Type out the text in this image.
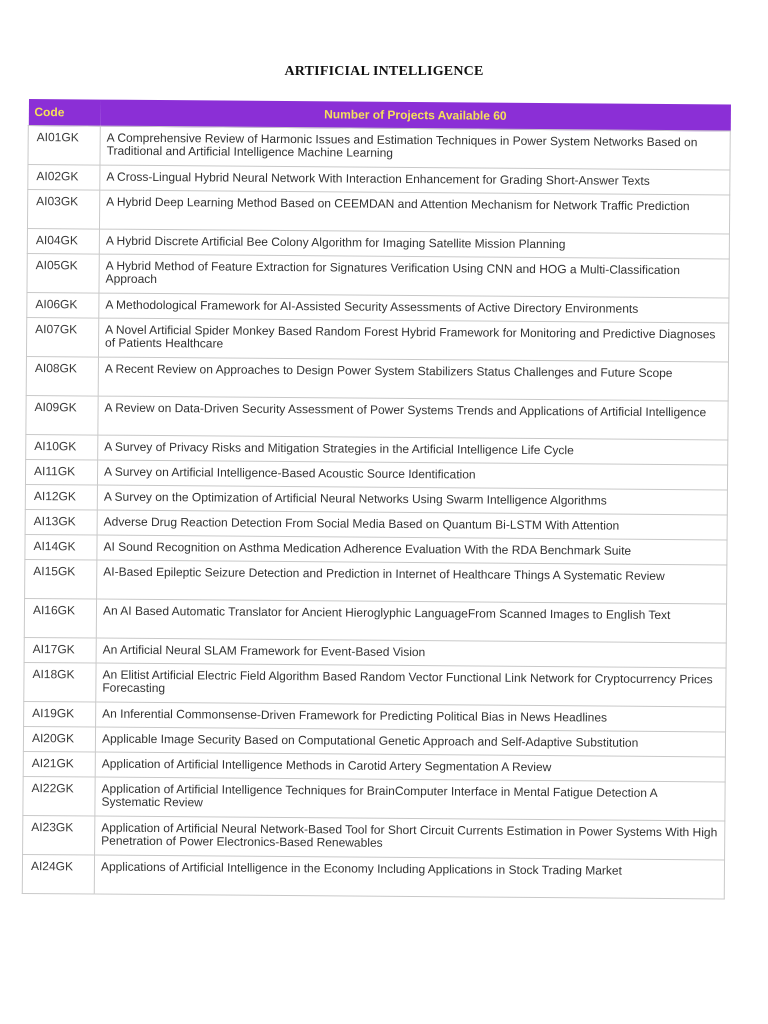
ARTIFICIAL INTELLIGENCE
Code	Number of Projects Available 60
AI01GK	A Comprehensive Review of Harmonic Issues and Estimation Techniques in Power System Networks Based on Traditional and Artificial Intelligence Machine Learning
AI02GK	A Cross-Lingual Hybrid Neural Network With Interaction Enhancement for Grading Short-Answer Texts
AI03GK	A Hybrid Deep Learning Method Based on CEEMDAN and Attention Mechanism for Network Traffic Prediction
AI04GK	A Hybrid Discrete Artificial Bee Colony Algorithm for Imaging Satellite Mission Planning
AI05GK	A Hybrid Method of Feature Extraction for Signatures Verification Using CNN and HOG a Multi-Classification Approach
AI06GK	A Methodological Framework for AI-Assisted Security Assessments of Active Directory Environments
AI07GK	A Novel Artificial Spider Monkey Based Random Forest Hybrid Framework for Monitoring and Predictive Diagnoses of Patients Healthcare
AI08GK	A Recent Review on Approaches to Design Power System Stabilizers Status Challenges and Future Scope
AI09GK	A Review on Data-Driven Security Assessment of Power Systems Trends and Applications of Artificial Intelligence
AI10GK	A Survey of Privacy Risks and Mitigation Strategies in the Artificial Intelligence Life Cycle
AI11GK	A Survey on Artificial Intelligence-Based Acoustic Source Identification
AI12GK	A Survey on the Optimization of Artificial Neural Networks Using Swarm Intelligence Algorithms
AI13GK	Adverse Drug Reaction Detection From Social Media Based on Quantum Bi-LSTM With Attention
AI14GK	AI Sound Recognition on Asthma Medication Adherence Evaluation With the RDA Benchmark Suite
AI15GK	AI-Based Epileptic Seizure Detection and Prediction in Internet of Healthcare Things A Systematic Review
AI16GK	An AI Based Automatic Translator for Ancient Hieroglyphic LanguageFrom Scanned Images to English Text
AI17GK	An Artificial Neural SLAM Framework for Event-Based Vision
AI18GK	An Elitist Artificial Electric Field Algorithm Based Random Vector Functional Link Network for Cryptocurrency Prices Forecasting
AI19GK	An Inferential Commonsense-Driven Framework for Predicting Political Bias in News Headlines
AI20GK	Applicable Image Security Based on Computational Genetic Approach and Self-Adaptive Substitution
AI21GK	Application of Artificial Intelligence Methods in Carotid Artery Segmentation A Review
AI22GK	Application of Artificial Intelligence Techniques for BrainComputer Interface in Mental Fatigue Detection A Systematic Review
AI23GK	Application of Artificial Neural Network-Based Tool for Short Circuit Currents Estimation in Power Systems With High Penetration of Power Electronics-Based Renewables
AI24GK	Applications of Artificial Intelligence in the Economy Including Applications in Stock Trading Market
